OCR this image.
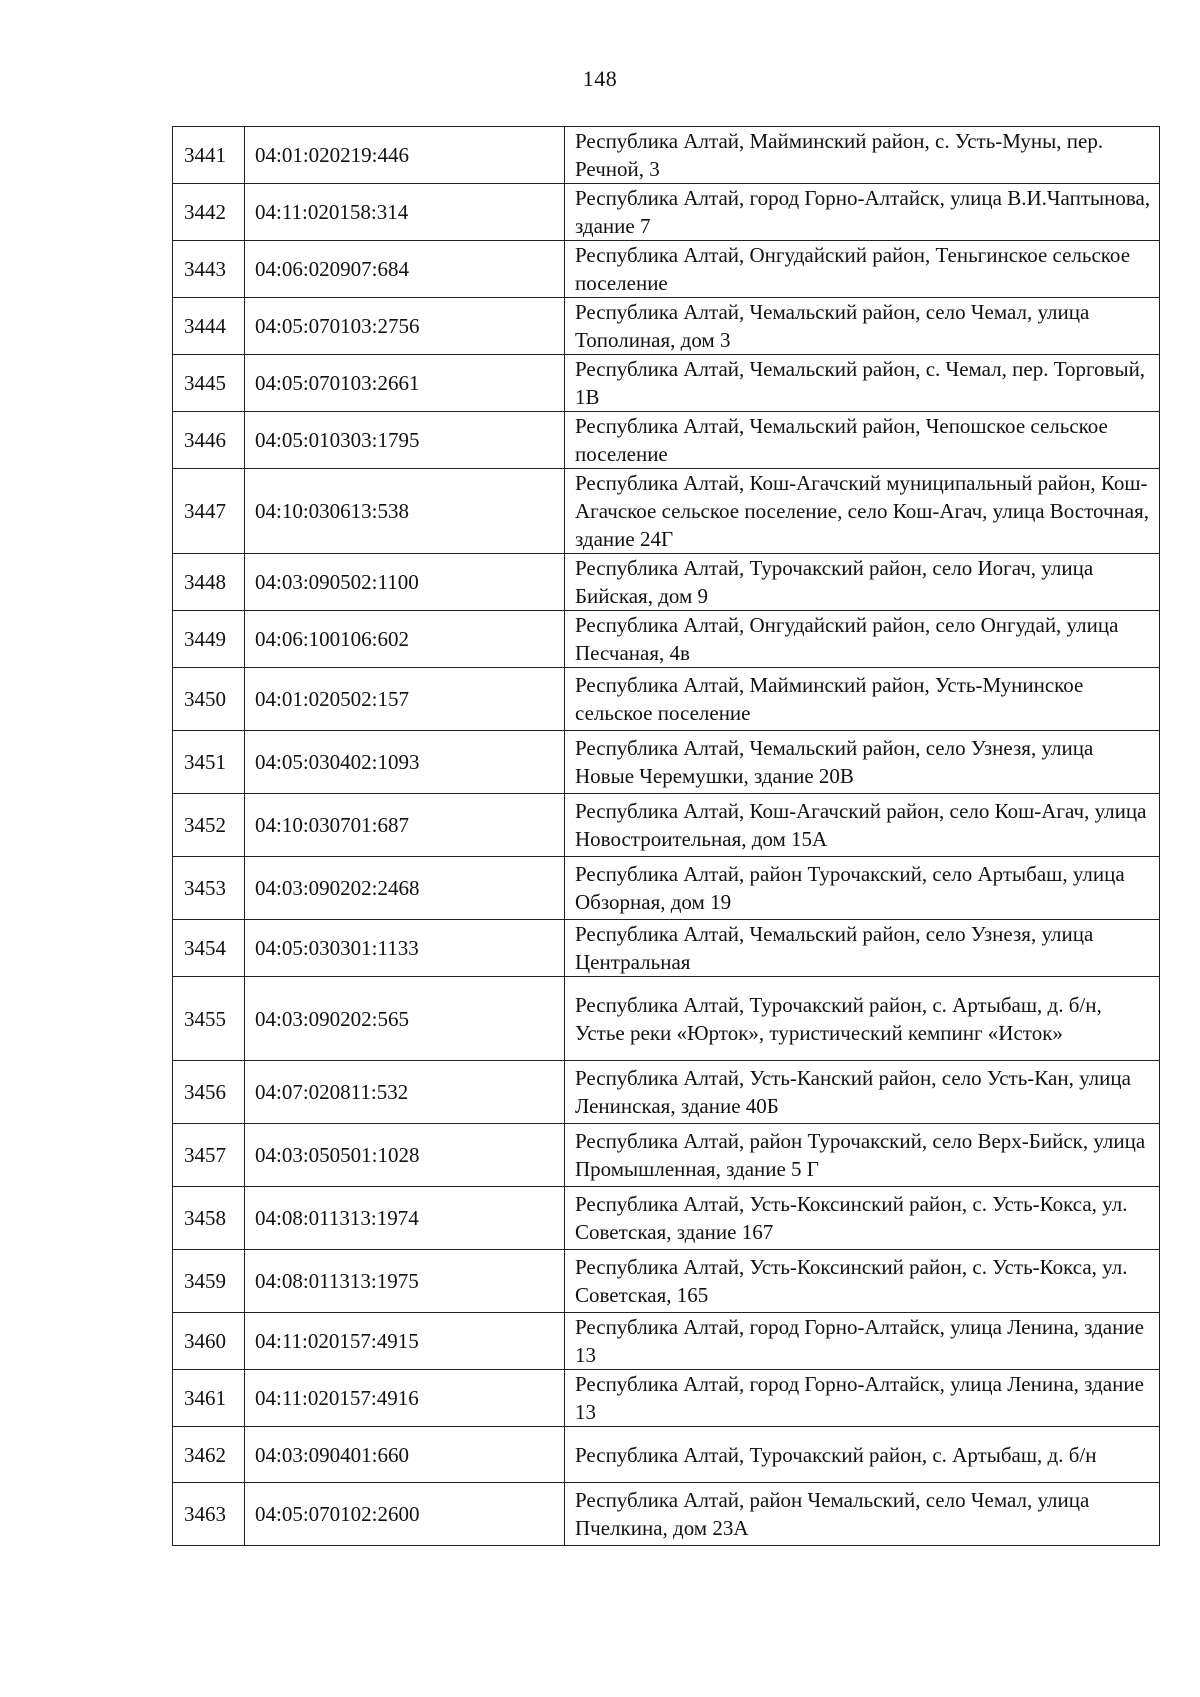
148
3441	04:01:020219:446	Республика Алтай, Майминский район, с. Усть-Муны, пер. Речной, 3
3442	04:11:020158:314	Республика Алтай, город Горно-Алтайск, улица В.И.Чаптынова, здание 7
3443	04:06:020907:684	Республика Алтай, Онгудайский район, Теньгинское сельское поселение
3444	04:05:070103:2756	Республика Алтай, Чемальский район, село Чемал, улица Тополиная, дом 3
3445	04:05:070103:2661	Республика Алтай, Чемальский район, с. Чемал, пер. Торговый, 1В
3446	04:05:010303:1795	Республика Алтай, Чемальский район, Чепошское сельское поселение
3447	04:10:030613:538	Республика Алтай, Кош-Агачский муниципальный район, Кош-Агачское сельское поселение, село Кош-Агач, улица Восточная, здание 24Г
3448	04:03:090502:1100	Республика Алтай, Турочакский район, село Иогач, улица Бийская, дом 9
3449	04:06:100106:602	Республика Алтай, Онгудайский район, село Онгудай, улица Песчаная, 4в
3450	04:01:020502:157	Республика Алтай, Майминский район, Усть-Мунинское сельское поселение
3451	04:05:030402:1093	Республика Алтай, Чемальский район, село Узнезя, улица Новые Черемушки, здание 20В
3452	04:10:030701:687	Республика Алтай, Кош-Агачский район, село Кош-Агач, улица Новостроительная, дом 15А
3453	04:03:090202:2468	Республика Алтай, район Турочакский, село Артыбаш, улица Обзорная, дом 19
3454	04:05:030301:1133	Республика Алтай, Чемальский район, село Узнезя, улица Центральная
3455	04:03:090202:565	Республика Алтай, Турочакский район, с. Артыбаш, д. б/н, Устье реки «Юрток», туристический кемпинг «Исток»
3456	04:07:020811:532	Республика Алтай, Усть-Канский район, село Усть-Кан, улица Ленинская, здание 40Б
3457	04:03:050501:1028	Республика Алтай, район Турочакский, село Верх-Бийск, улица Промышленная, здание 5 Г
3458	04:08:011313:1974	Республика Алтай, Усть-Коксинский район, с. Усть-Кокса, ул. Советская, здание 167
3459	04:08:011313:1975	Республика Алтай, Усть-Коксинский район, с. Усть-Кокса, ул. Советская, 165
3460	04:11:020157:4915	Республика Алтай, город Горно-Алтайск, улица Ленина, здание 13
3461	04:11:020157:4916	Республика Алтай, город Горно-Алтайск, улица Ленина, здание 13
3462	04:03:090401:660	Республика Алтай, Турочакский район, с. Артыбаш, д. б/н
3463	04:05:070102:2600	Республика Алтай, район Чемальский, село Чемал, улица Пчелкина, дом 23А
